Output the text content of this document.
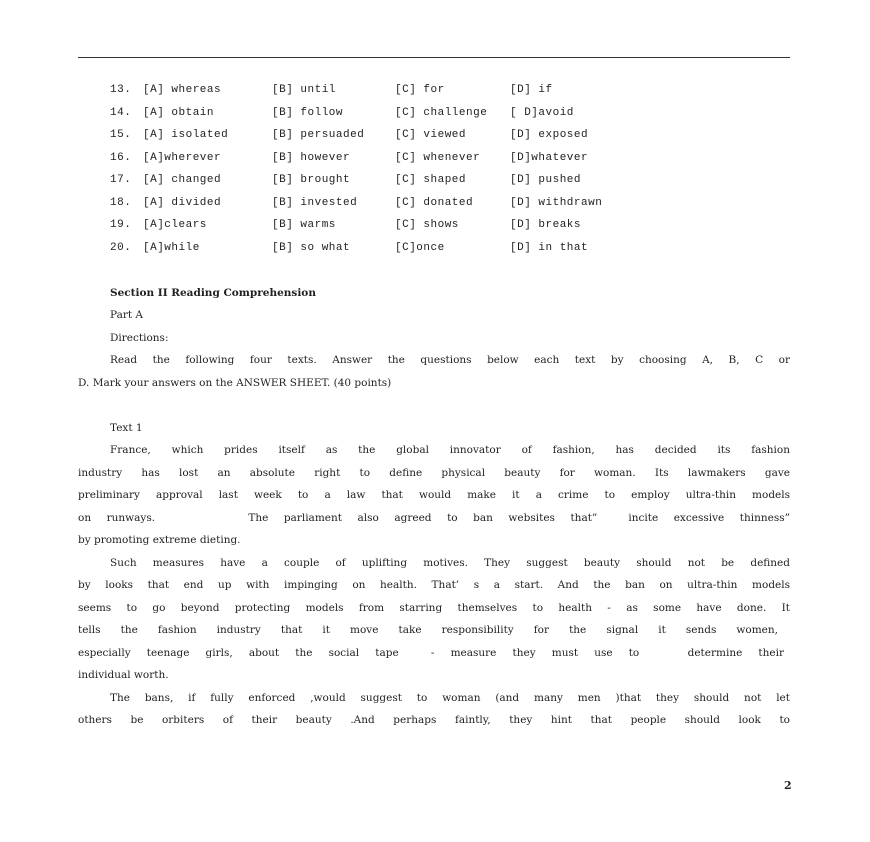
13. [A] whereas	[B] until	[C] for	[D] if
14. [A] obtain	[B] follow	[C] challenge [ D]avoid
15. [A] isolated	[B] persuaded	[C] viewed	[D] exposed
16. [A]wherever	[B] however	[C] whenever	[D]whatever
17. [A] changed	[B] brought	[C] shaped	[D] pushed
18. [A] divided	[B] invested	[C] donated	[D] withdrawn
19. [A]clears	[B] warms	[C] shows	[D] breaks
20. [A]while	[B] so what	[C]once	[D] in that
Section II Reading Comprehension
Part A
Directions:
Read the following four texts. Answer the questions below each text by choosing A, B, C or
D. Mark your answers on the ANSWER SHEET. (40 points)
Text 1
France, which prides itself as the global innovator of fashion, has decided its fashion
industry has lost an absolute right to define physical beauty for woman. Its lawmakers gave
preliminary approval last week to a law that would make it a crime to employ ultra-thin models
on runways.      The parliament also agreed to ban websites that”  incite excessive thinness”
by promoting extreme dieting.
Such measures have a couple of uplifting motives. They suggest beauty should not be defined
by looks that end up with impinging on health. That’ s a start. And the ban on ultra-thin models
seems to go beyond protecting models from starring themselves to health - as some have done. It
tells the fashion industry that it move take responsibility for the signal it sends women,
especially teenage girls, about the social tape  - measure they must use to   determine their
individual worth.
The bans, if fully enforced ,would suggest to woman (and many men )that they should not let
others be orbiters of their beauty .And perhaps faintly, they hint that people should look to
2
